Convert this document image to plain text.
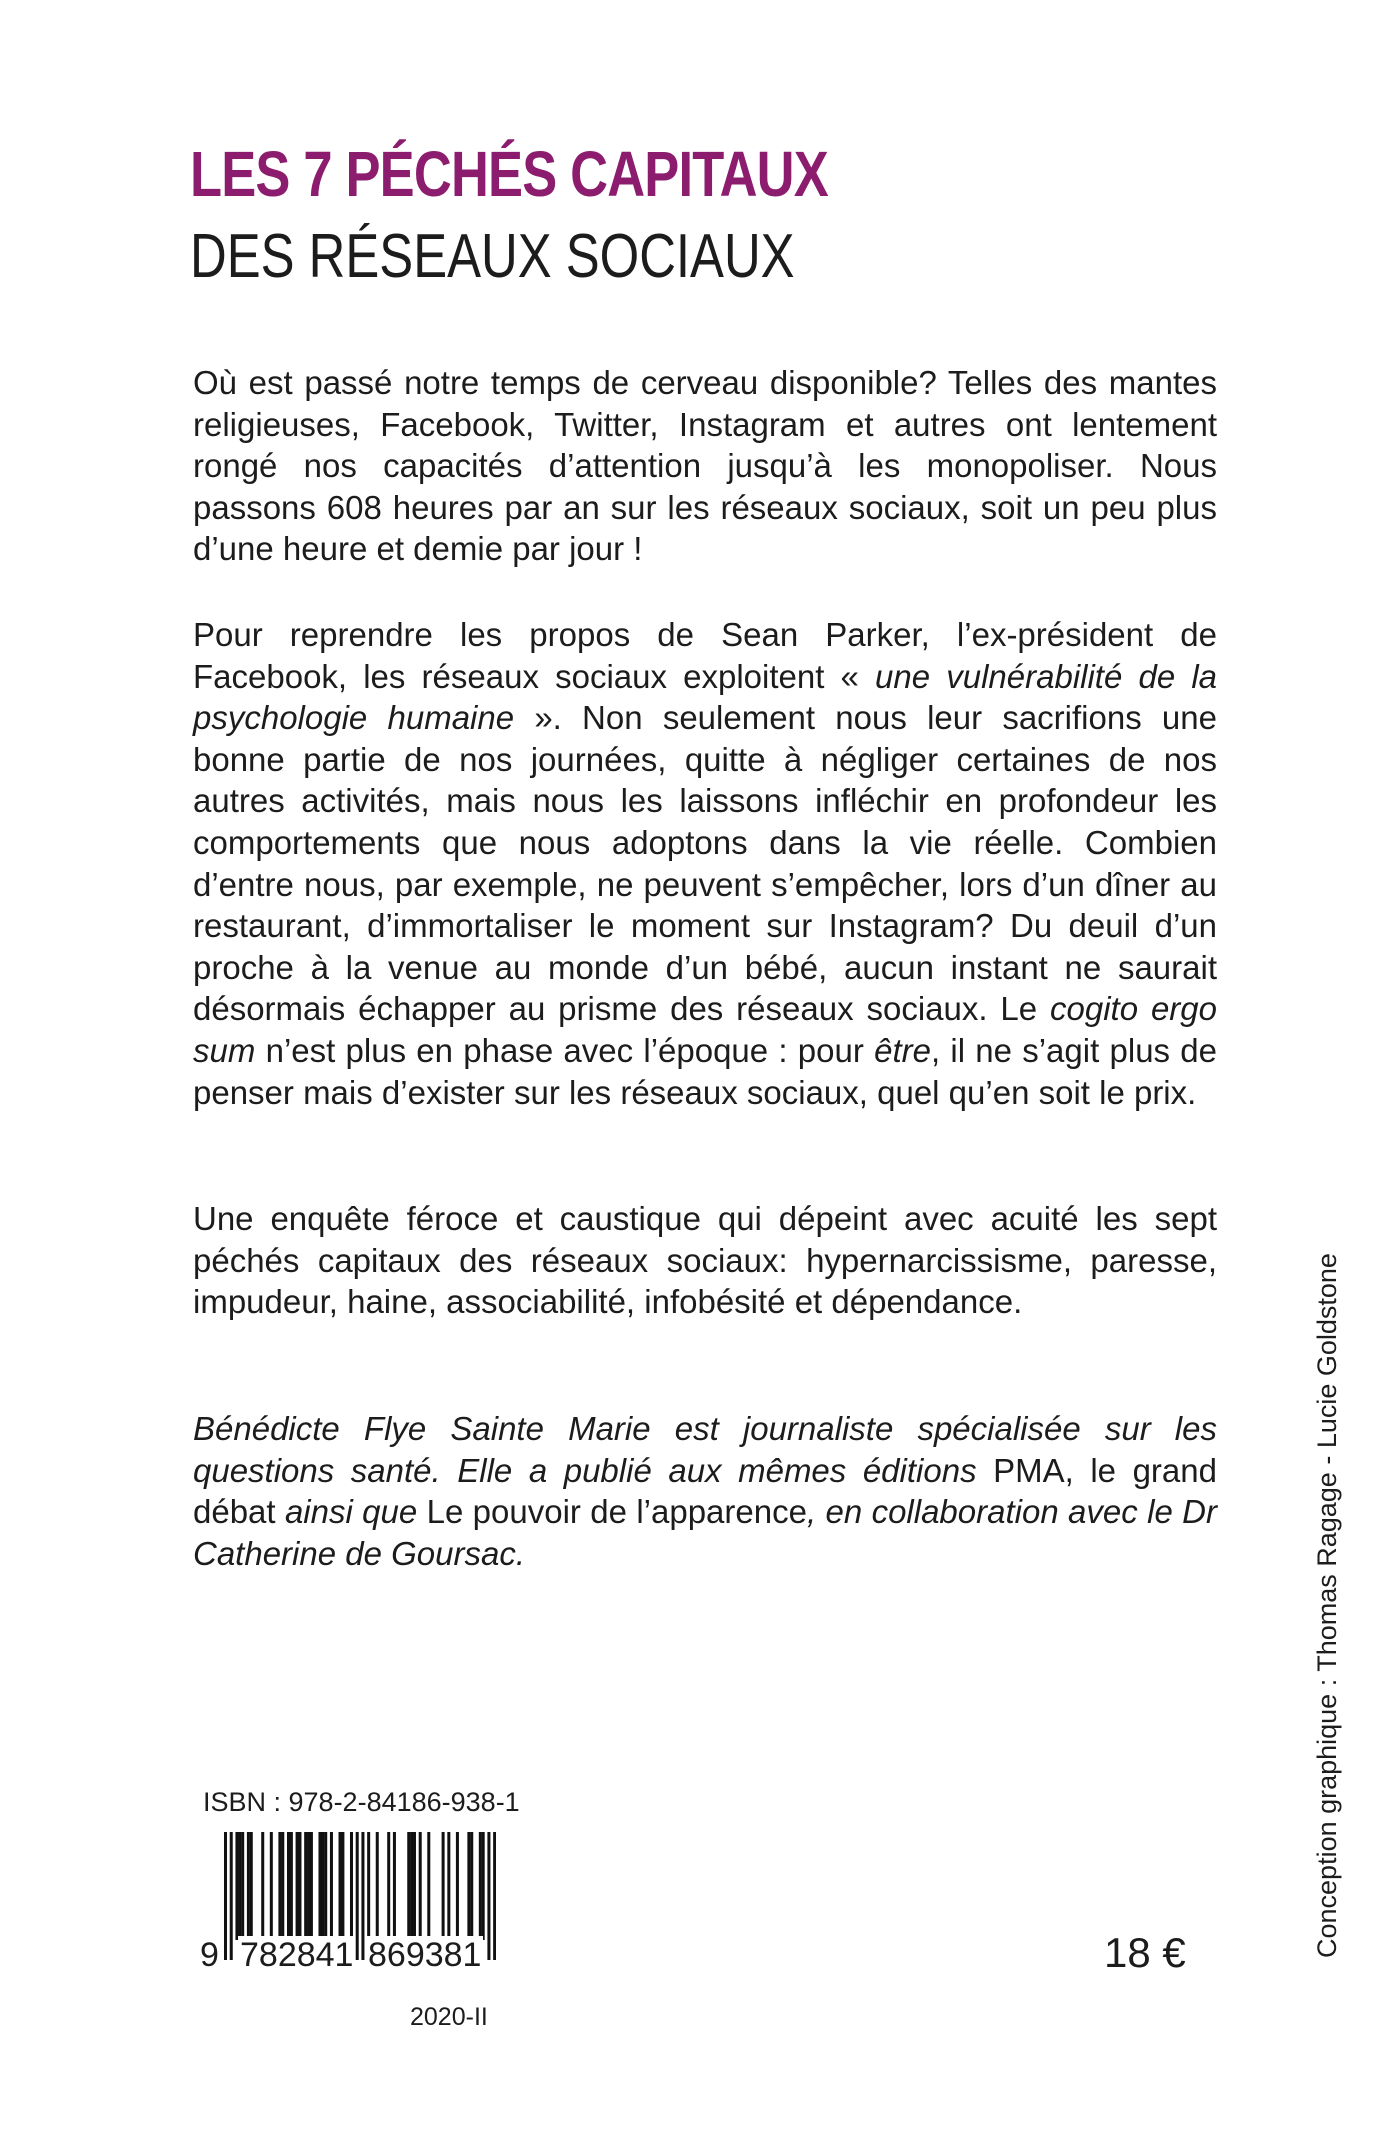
LES 7 PÉCHÉS CAPITAUX
DES RÉSEAUX SOCIAUX

Où est passé notre temps de cerveau disponible? Telles des mantes religieuses, Facebook, Twitter, Instagram et autres ont lentement rongé nos capacités d’attention jusqu’à les monopoliser. Nous passons 608 heures par an sur les réseaux sociaux, soit un peu plus d’une heure et demie par jour !

Pour reprendre les propos de Sean Parker, l’ex-président de Facebook, les réseaux sociaux exploitent « une vulnérabilité de la psychologie humaine ». Non seulement nous leur sacrifions une bonne partie de nos journées, quitte à négliger certaines de nos autres activités, mais nous les laissons infléchir en profondeur les comportements que nous adoptons dans la vie réelle. Combien d’entre nous, par exemple, ne peuvent s’empêcher, lors d’un dîner au restaurant, d’immortaliser le moment sur Instagram? Du deuil d’un proche à la venue au monde d’un bébé, aucun instant ne saurait désormais échapper au prisme des réseaux sociaux. Le cogito ergo sum n’est plus en phase avec l’époque : pour être, il ne s’agit plus de penser mais d’exister sur les réseaux sociaux, quel qu’en soit le prix.

Une enquête féroce et caustique qui dépeint avec acuité les sept péchés capitaux des réseaux sociaux: hypernarcissisme, paresse, impudeur, haine, associabilité, infobésité et dépendance.

Bénédicte Flye Sainte Marie est journaliste spécialisée sur les questions santé. Elle a publié aux mêmes éditions PMA, le grand débat ainsi que Le pouvoir de l’apparence, en collaboration avec le Dr Catherine de Goursac.

ISBN : 978-2-84186-938-1
9 782841 869381
2020-II
18 €	Conception graphique : Thomas Ragage - Lucie Goldstone
